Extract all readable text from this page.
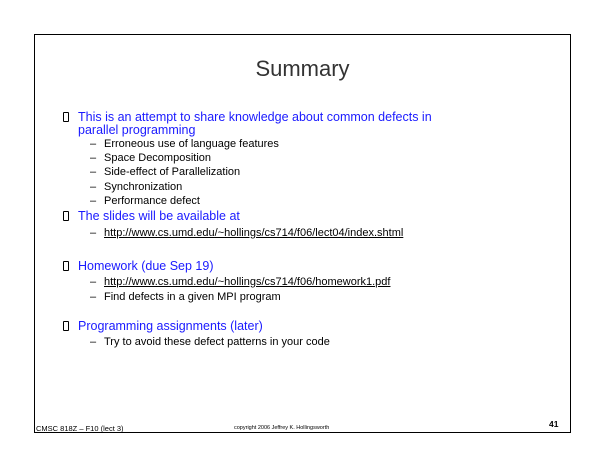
Summary
This is an attempt to share knowledge about common defects in
parallel programming
– Erroneous use of language features
– Space Decomposition
– Side-effect of Parallelization
– Synchronization
– Performance defect
The slides will be available at
– http://www.cs.umd.edu/~hollings/cs714/f06/lect04/index.shtml
Homework (due Sep 19)
– http://www.cs.umd.edu/~hollings/cs714/f06/homework1.pdf
– Find defects in a given MPI program
Programming assignments (later)
– Try to avoid these defect patterns in your code
CMSC 818Z – F10 (lect 3)	copyright 2006 Jeffrey K. Hollingsworth	41
